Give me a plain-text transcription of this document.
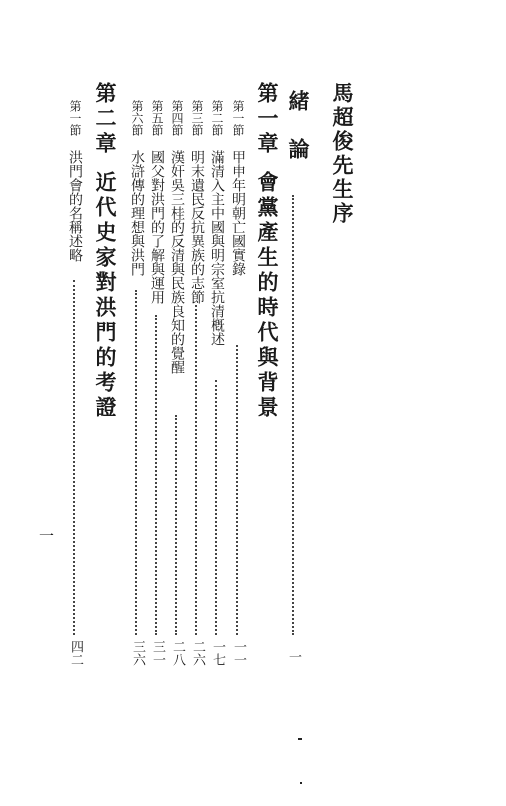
馬超俊先生序
緒　論
一
第一章會黨產生的時代與背景
第一節甲申年明朝亡國實錄
一一
第二節滿清入主中國與明宗室抗清槪述
一七
第三節明末遺民反抗異族的志節
二六
第四節漢奸吳三桂的反清與民族良知的覺醒
二八
第五節國父對洪門的了解與運用
三一
第六節水滸傳的理想與洪門
三六
第二章近代史家對洪門的考證
第一節洪門會的名稱述略
四二
一
